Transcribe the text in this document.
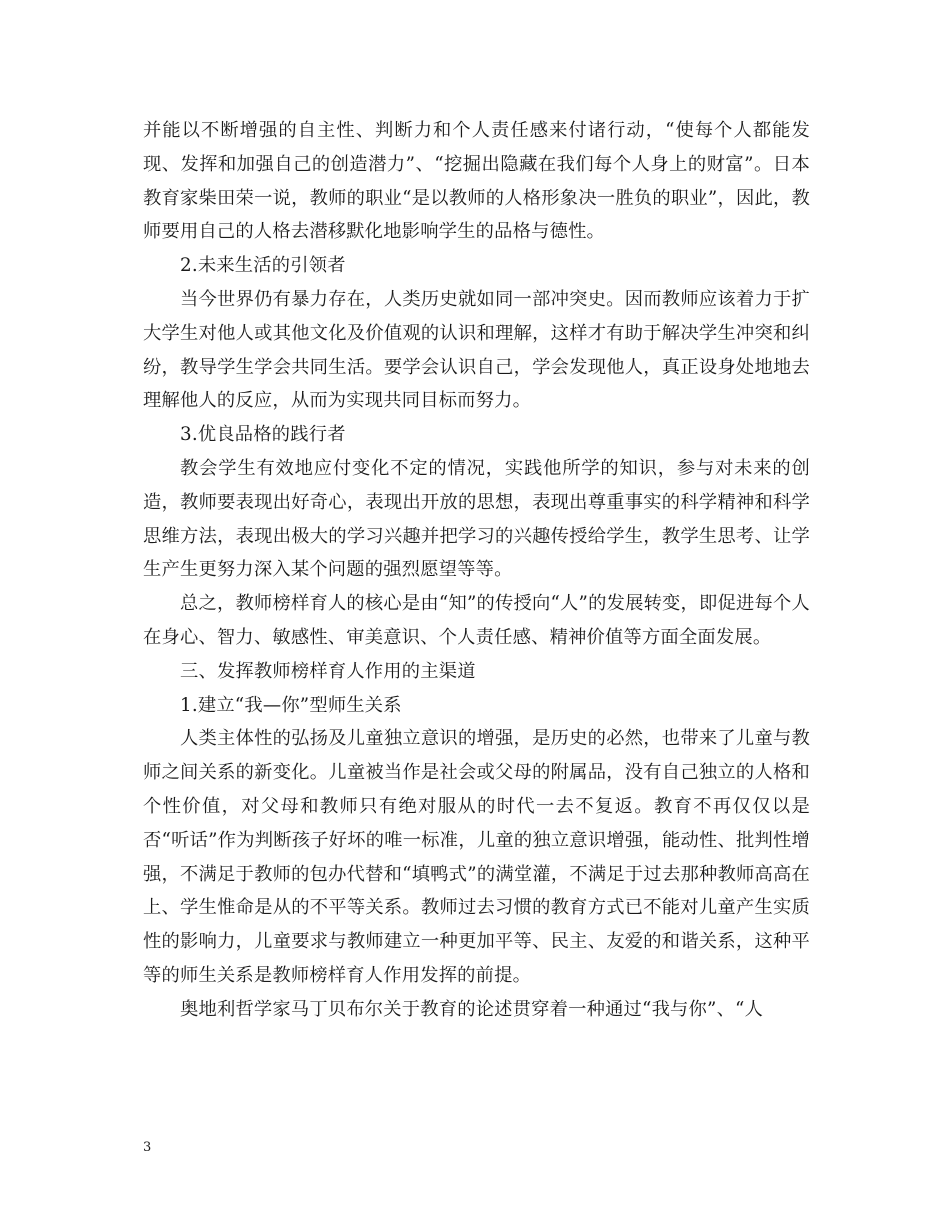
并能以不断增强的自主性、判断力和个人责任感来付诸行动，“使每个人都能发现、发挥和加强自己的创造潜力”、“挖掘出隐藏在我们每个人身上的财富”。日本教育家柴田荣一说，教师的职业“是以教师的人格形象决一胜负的职业”，因此，教师要用自己的人格去潜移默化地影响学生的品格与德性。

2.未来生活的引领者

当今世界仍有暴力存在，人类历史就如同一部冲突史。因而教师应该着力于扩大学生对他人或其他文化及价值观的认识和理解，这样才有助于解决学生冲突和纠纷，教导学生学会共同生活。要学会认识自己，学会发现他人，真正设身处地地去理解他人的反应，从而为实现共同目标而努力。

3.优良品格的践行者

教会学生有效地应付变化不定的情况，实践他所学的知识，参与对未来的创造，教师要表现出好奇心，表现出开放的思想，表现出尊重事实的科学精神和科学思维方法，表现出极大的学习兴趣并把学习的兴趣传授给学生，教学生思考、让学生产生更努力深入某个问题的强烈愿望等等。

总之，教师榜样育人的核心是由“知”的传授向“人”的发展转变，即促进每个人在身心、智力、敏感性、审美意识、个人责任感、精神价值等方面全面发展。

三、发挥教师榜样育人作用的主渠道

1.建立“我—你”型师生关系

人类主体性的弘扬及儿童独立意识的增强，是历史的必然，也带来了儿童与教师之间关系的新变化。儿童被当作是社会或父母的附属品，没有自己独立的人格和个性价值，对父母和教师只有绝对服从的时代一去不复返。教育不再仅仅以是否“听话”作为判断孩子好坏的唯一标准，儿童的独立意识增强，能动性、批判性增强，不满足于教师的包办代替和“填鸭式”的满堂灌，不满足于过去那种教师高高在上、学生惟命是从的不平等关系。教师过去习惯的教育方式已不能对儿童产生实质性的影响力，儿童要求与教师建立一种更加平等、民主、友爱的和谐关系，这种平等的师生关系是教师榜样育人作用发挥的前提。

奥地利哲学家马丁贝布尔关于教育的论述贯穿着一种通过“我与你”、“人

3
